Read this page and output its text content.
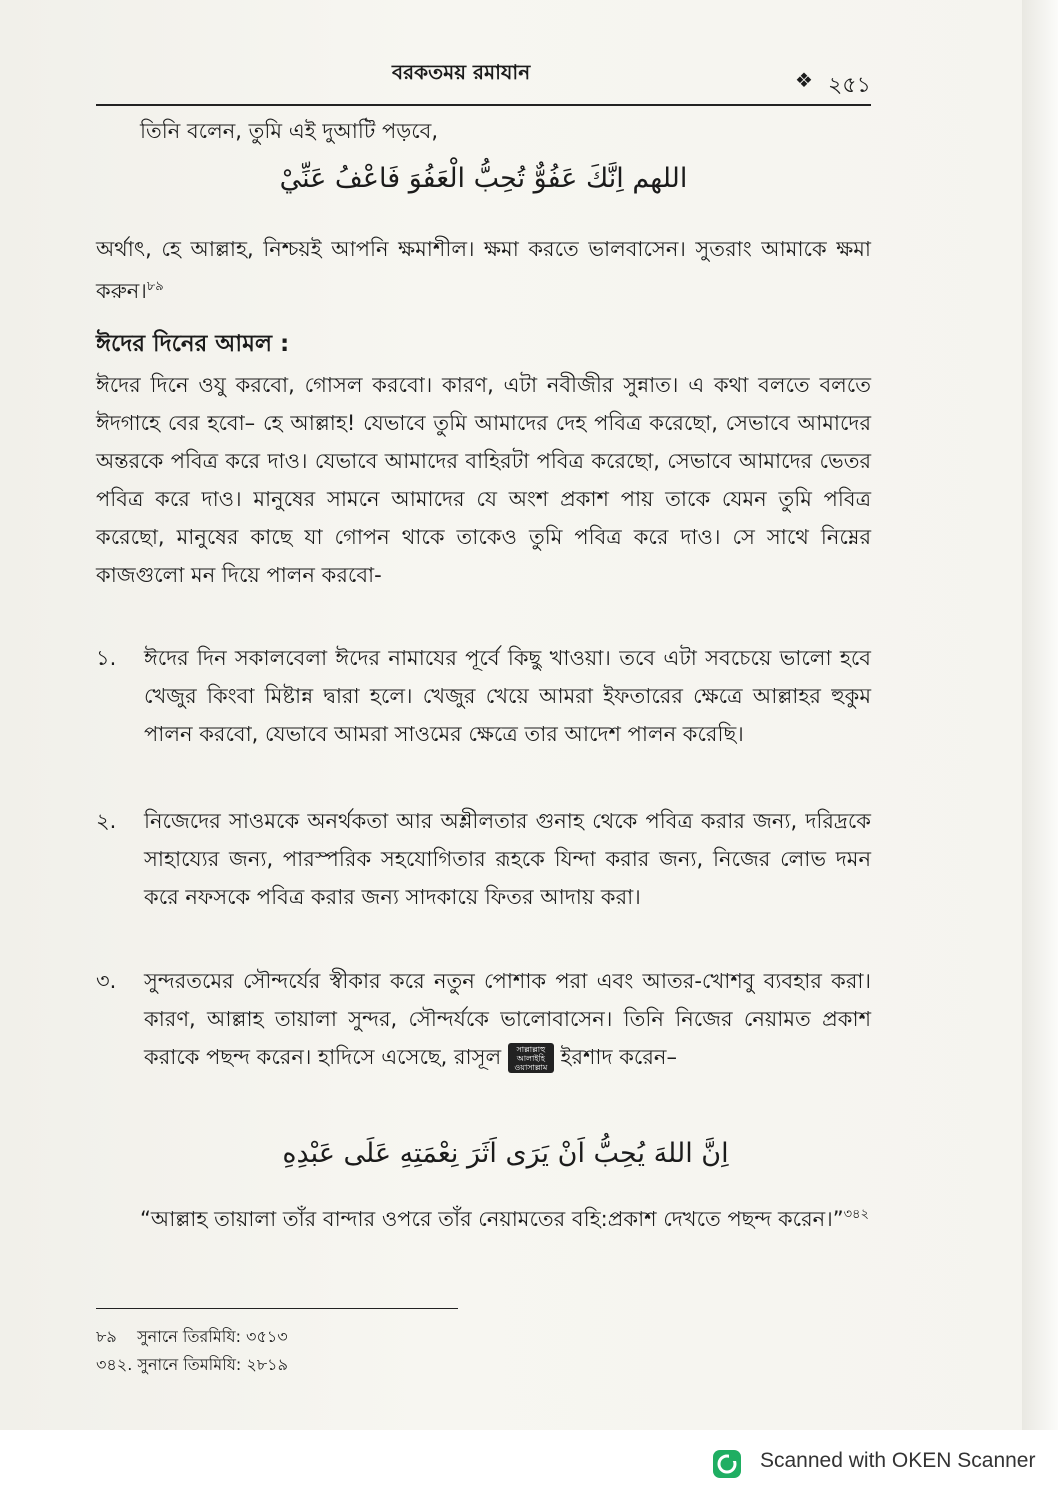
বরকতময় রমাযান	❖ ২৫১
তিনি বলেন, তুমি এই দুআটি পড়বে,
اللهم اِنَّكَ عَفُوٌّ تُحِبُّ الْعَفُوَ فَاعْفُ عَنِّيْ
অর্থাৎ, হে আল্লাহ, নিশ্চয়ই আপনি ক্ষমাশীল। ক্ষমা করতে ভালবাসেন। সুতরাং আমাকে ক্ষমা করুন।$^{৮৯}$
ঈদের দিনের আমল :
ঈদের দিনে ওযু করবো, গোসল করবো। কারণ, এটা নবীজীর সুন্নাত। এ কথা বলতে বলতে ঈদগাহে বের হবো– হে আল্লাহ! যেভাবে তুমি আমাদের দেহ পবিত্র করেছো, সেভাবে আমাদের অন্তরকে পবিত্র করে দাও। যেভাবে আমাদের বাহিরটা পবিত্র করেছো, সেভাবে আমাদের ভেতর পবিত্র করে দাও। মানুষের সামনে আমাদের যে অংশ প্রকাশ পায় তাকে যেমন তুমি পবিত্র করেছো, মানুষের কাছে যা গোপন থাকে তাকেও তুমি পবিত্র করে দাও। সে সাথে নিম্নের কাজগুলো মন দিয়ে পালন করবো-
১. ঈদের দিন সকালবেলা ঈদের নামাযের পূর্বে কিছু খাওয়া। তবে এটা সবচেয়ে ভালো হবে খেজুর কিংবা মিষ্টান্ন দ্বারা হলে। খেজুর খেয়ে আমরা ইফতারের ক্ষেত্রে আল্লাহর হুকুম পালন করবো, যেভাবে আমরা সাওমের ক্ষেত্রে তার আদেশ পালন করেছি।
২. নিজেদের সাওমকে অনর্থকতা আর অশ্লীলতার গুনাহ থেকে পবিত্র করার জন্য, দরিদ্রকে সাহায্যের জন্য, পারস্পরিক সহযোগিতার রূহকে যিন্দা করার জন্য, নিজের লোভ দমন করে নফসকে পবিত্র করার জন্য সাদকায়ে ফিতর আদায় করা।
৩. সুন্দরতমের সৌন্দর্যের স্বীকার করে নতুন পোশাক পরা এবং আতর-খোশবু ব্যবহার করা। কারণ, আল্লাহ তায়ালা সুন্দর, সৌন্দর্যকে ভালোবাসেন। তিনি নিজের নেয়ামত প্রকাশ করাকে পছন্দ করেন। হাদিসে এসেছে, রাসূল সাল্লাল্লাহু আলাইহি ওয়াসাল্লাম ইরশাদ করেন–
اِنَّ اللهَ يُحِبُّ اَنْ يَرَى اَثَرَ نِعْمَتِهِ عَلَى عَبْدِهِ
“আল্লাহ তায়ালা তাঁর বান্দার ওপরে তাঁর নেয়ামতের বহি:প্রকাশ দেখতে পছন্দ করেন।”$^{৩৪২}$
৮৯ সুনানে তিরমিযি: ৩৫১৩
৩৪২. সুনানে তিমমিযি: ২৮১৯
Scanned with OKEN Scanner
